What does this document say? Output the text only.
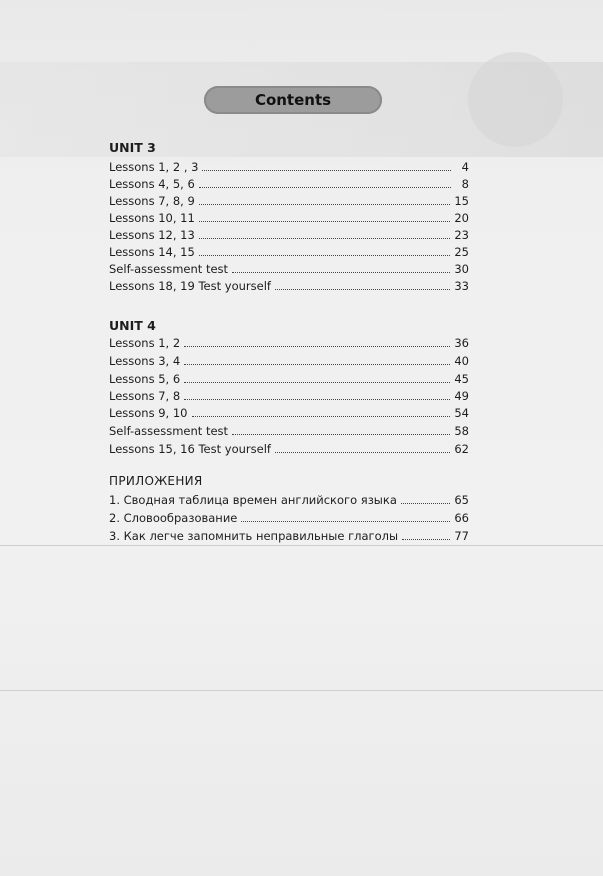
Contents
UNIT 3
Lessons 1, 2 , 3	4
Lessons 4, 5, 6	8
Lessons 7, 8, 9	15
Lessons 10, 11	20
Lessons 12, 13	23
Lessons 14, 15	25
Self-assessment test	30
Lessons 18, 19 Test yourself	33
UNIT 4
Lessons 1, 2	36
Lessons 3, 4	40
Lessons 5, 6	45
Lessons 7, 8	49
Lessons 9, 10	54
Self-assessment test	58
Lessons 15, 16 Test yourself	62
ПРИЛОЖЕНИЯ
1. Сводная таблица времен английского языка	65
2. Словообразование	66
3. Как легче запомнить неправильные глаголы	77
